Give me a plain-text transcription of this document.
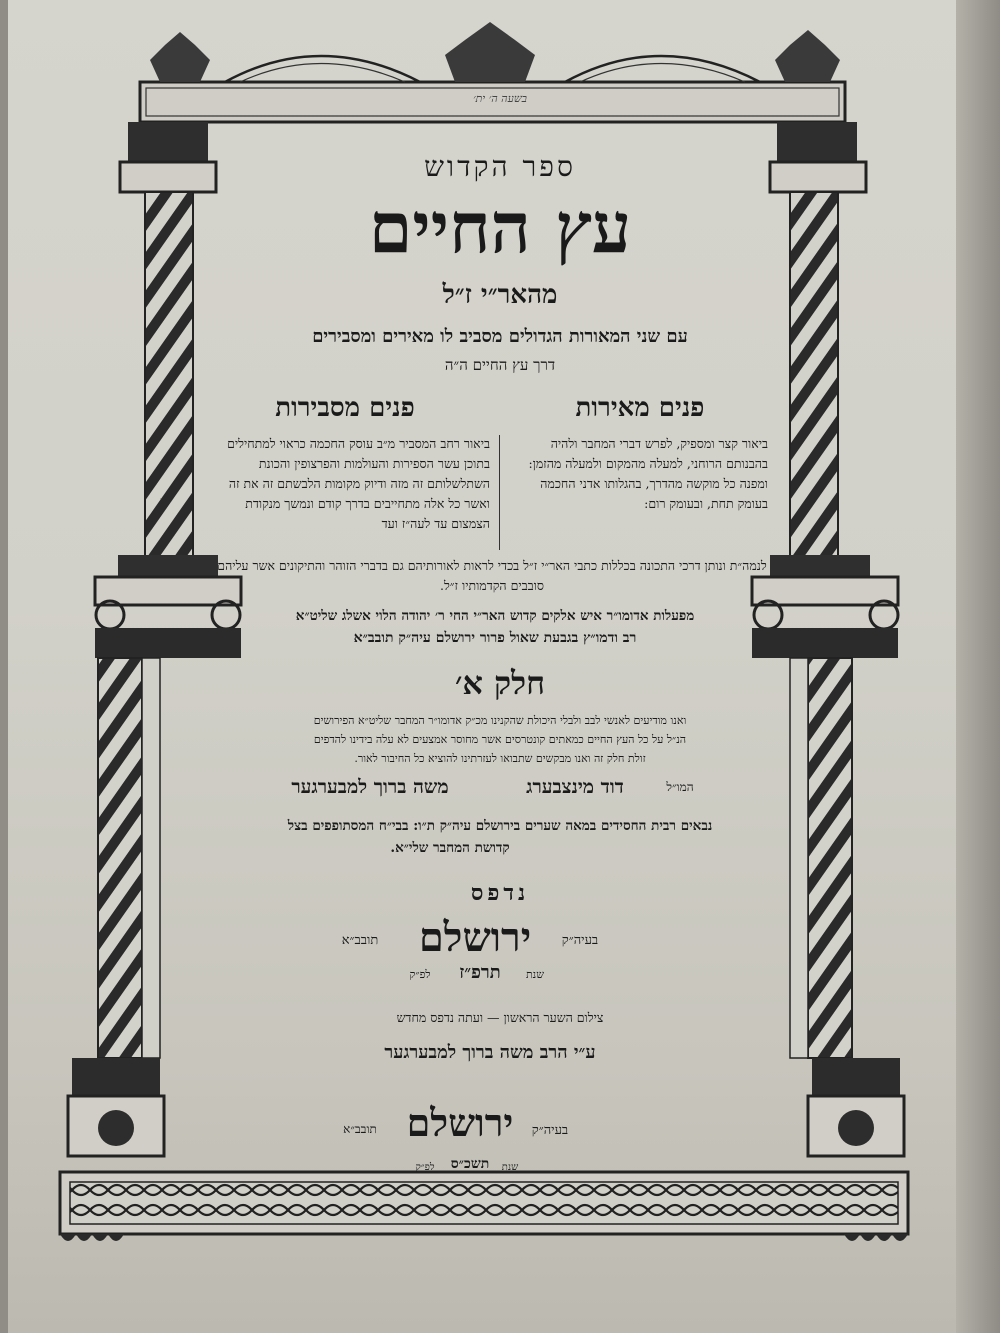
בשעה ה׳ ית׳
ספר הקדוש
עץ החיים
מהאר״י ז״ל
עם שני המאורות הגדולים מסביב לו מאירים ומסבירים
דרך עץ החיים ה״ה
פנים מאירות
פנים מסבירות
ביאור קצר ומספיק, לפרש דברי המחבר ולהיה בהבנותם הרוחני, למעלה מהמקום ולמעלה מהזמן: ומפנה כל מוקשה מהדרך, בהגלותו אדני החכמה בעומק תחת, ובעומק רום:
ביאור רחב המסביר מ״ב עוסק החכמה כראוי למתחילים בתוכן עשר הספירות והעולמות והפרצופין והכונת השתלשלותם זה מזה ודיוק מקומות הלבשתם זה את זה ואשר כל אלה מתחייבים בדרך קודם ונמשך מנקודת הצמצום עד לעה״ז ועד
לנמה״ת ונותן דרכי התכונה בכללות כתבי האר״י ז״ל בכדי לראות לאורותיהם גם בדברי הזוהר והתיקונים אשר עליהם סובבים הקדמותיו ז״ל.
מפעלות אדומו״ר איש אלקים קדוש האר״י החי ר׳ יהודה הלוי אשלג שליט״א
רב ודמו״ץ בגבעת שאול פרור ירושלם עיה״ק תובב״א
חלק א׳
ואנו מודיעים לאנשי לבב ולבלי היכולת שהקנינו מכ״ק אדומו״ר המחבר שליט״א הפירושים
הנ״ל על כל העץ החיים כמאתים קונטרסים אשר מחוסר אמצעים לא עלה בידינו להדפים
זולת חלק זה ואנו מבקשים שתבואו לעזרתינו להוציא כל החיבור לאור.
המו״ל
דוד מינצבערג
משה ברוך למבערגער
נבאים רבית החסידים במאה שערים בירושלם עיה״ק ת״ו: בבי״ח המסתופפים בצל
קדושת המחבר שלי״א.
נדפס
בעיה״ק
ירושלם
תובב״א
שנת
תרפ״ז
לפ״ק
צילום השער הראשון — ועתה נדפס מחדש
ע״י הרב משה ברוך למבערגער
בעיה״ק
ירושלם
תובב״א
שנת
תשכ״ס
לפ״ק
